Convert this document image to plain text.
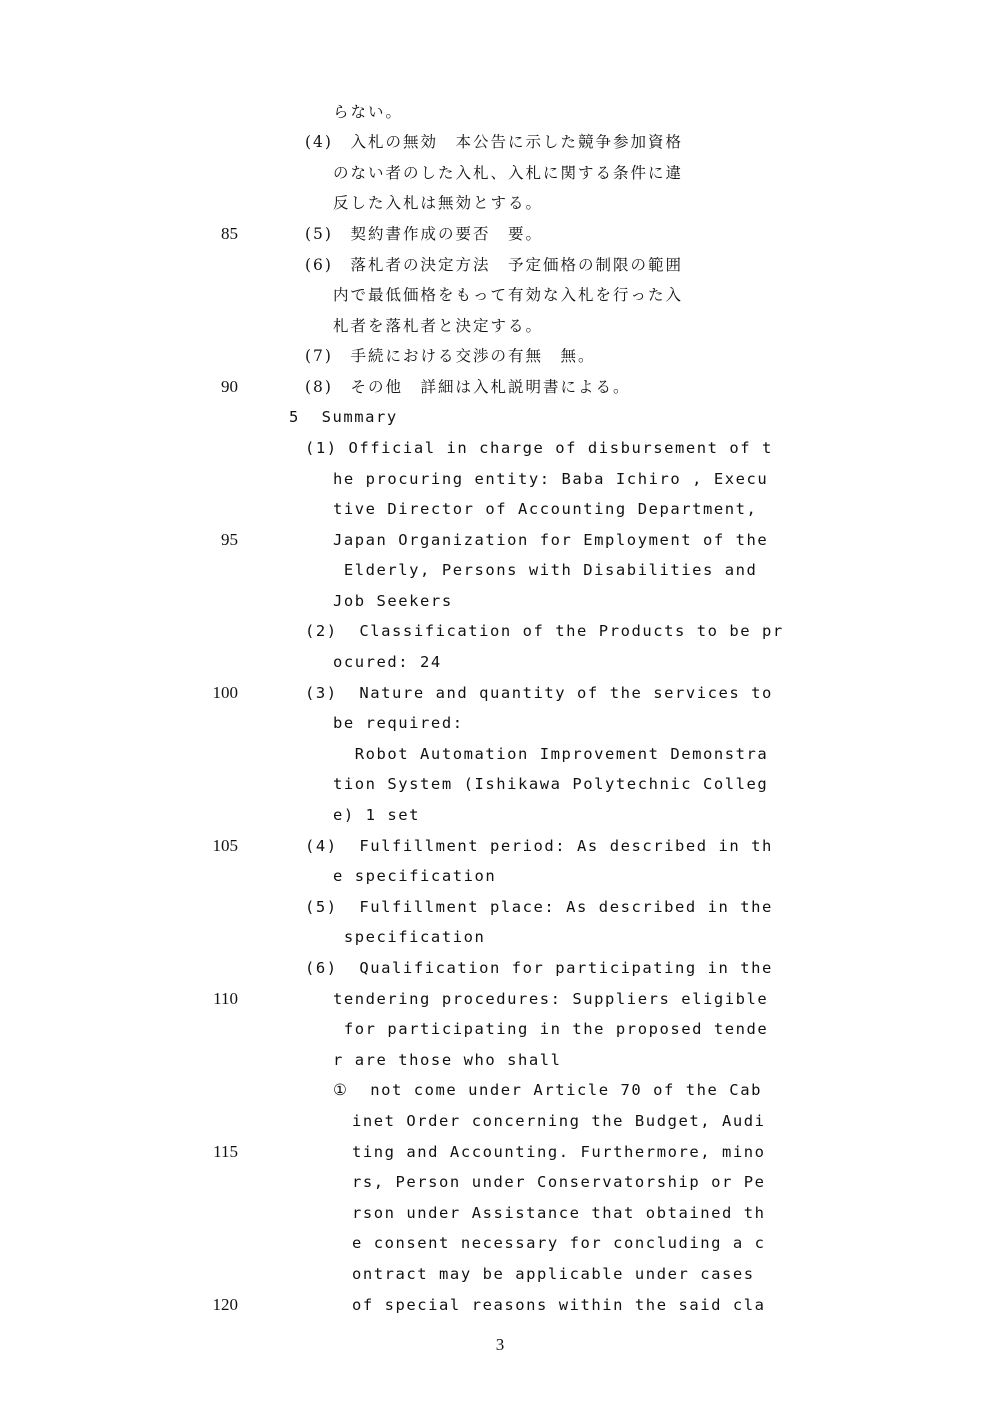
85
90
95
100
105
110
115
120
らない。
(4)　入札の無効　本公告に示した競争参加資格
のない者のした入札、入札に関する条件に違
反した入札は無効とする。
(5)　契約書作成の要否　要。
(6)　落札者の決定方法　予定価格の制限の範囲
内で最低価格をもって有効な入札を行った入
札者を落札者と決定する。
(7)　手続における交渉の有無　無。
(8)　その他　詳細は入札説明書による。
5  Summary
(1) Official in charge of disbursement of t
he procuring entity: Baba Ichiro , Execu
tive Director of Accounting Department,
Japan Organization for Employment of the
Elderly, Persons with Disabilities and
Job Seekers
(2)  Classification of the Products to be pr
ocured: 24
(3)  Nature and quantity of the services to
be required:
Robot Automation Improvement Demonstra
tion System (Ishikawa Polytechnic Colleg
e) 1 set
(4)  Fulfillment period: As described in th
e specification
(5)  Fulfillment place: As described in the
specification
(6)  Qualification for participating in the
tendering procedures: Suppliers eligible
for participating in the proposed tende
r are those who shall
①  not come under Article 70 of the Cab
inet Order concerning the Budget, Audi
ting and Accounting. Furthermore, mino
rs, Person under Conservatorship or Pe
rson under Assistance that obtained th
e consent necessary for concluding a c
ontract may be applicable under cases
of special reasons within the said cla
3
